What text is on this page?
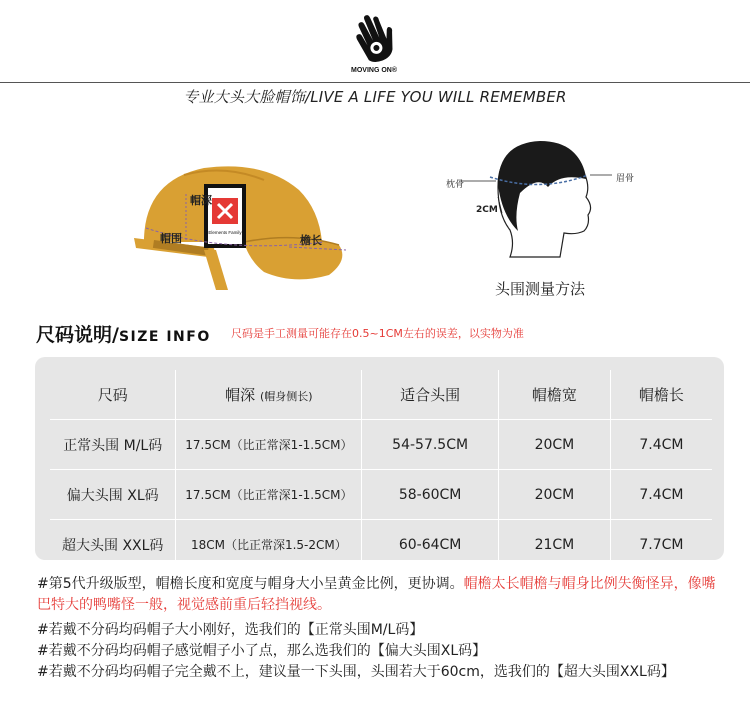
MOVING ON®
专业大头大脸帽饰/LIVE A LIFE YOU WILL REMEMBER
Elements Family
帽深
帽围	檐长
枕骨
眉骨
2CM
头围测量方法
尺码说明/SIZE INFO 尺码是手工测量可能存在0.5~1CM左右的误差，以实物为准
尺码	帽深 (帽身侧长)	适合头围	帽檐宽	帽檐长
正常头围 M/L码	17.5CM（比正常深1-1.5CM）	54-57.5CM	20CM	7.4CM
偏大头围 XL码	17.5CM（比正常深1-1.5CM）	58-60CM	20CM	7.4CM
超大头围 XXL码	18CM（比正常深1.5-2CM）	60-64CM	21CM	7.7CM

#第5代升级版型，帽檐长度和宽度与帽身大小呈黄金比例，更协调。帽檐太长帽檐与帽身比例失衡怪异，像嘴巴特大的鸭嘴怪一般，视觉感前重后轻挡视线。

#若戴不分码均码帽子大小刚好，选我们的【正常头围M/L码】

#若戴不分码均码帽子感觉帽子小了点，那么选我们的【偏大头围XL码】

#若戴不分码均码帽子完全戴不上，建议量一下头围，头围若大于60cm，选我们的【超大头围XXL码】
